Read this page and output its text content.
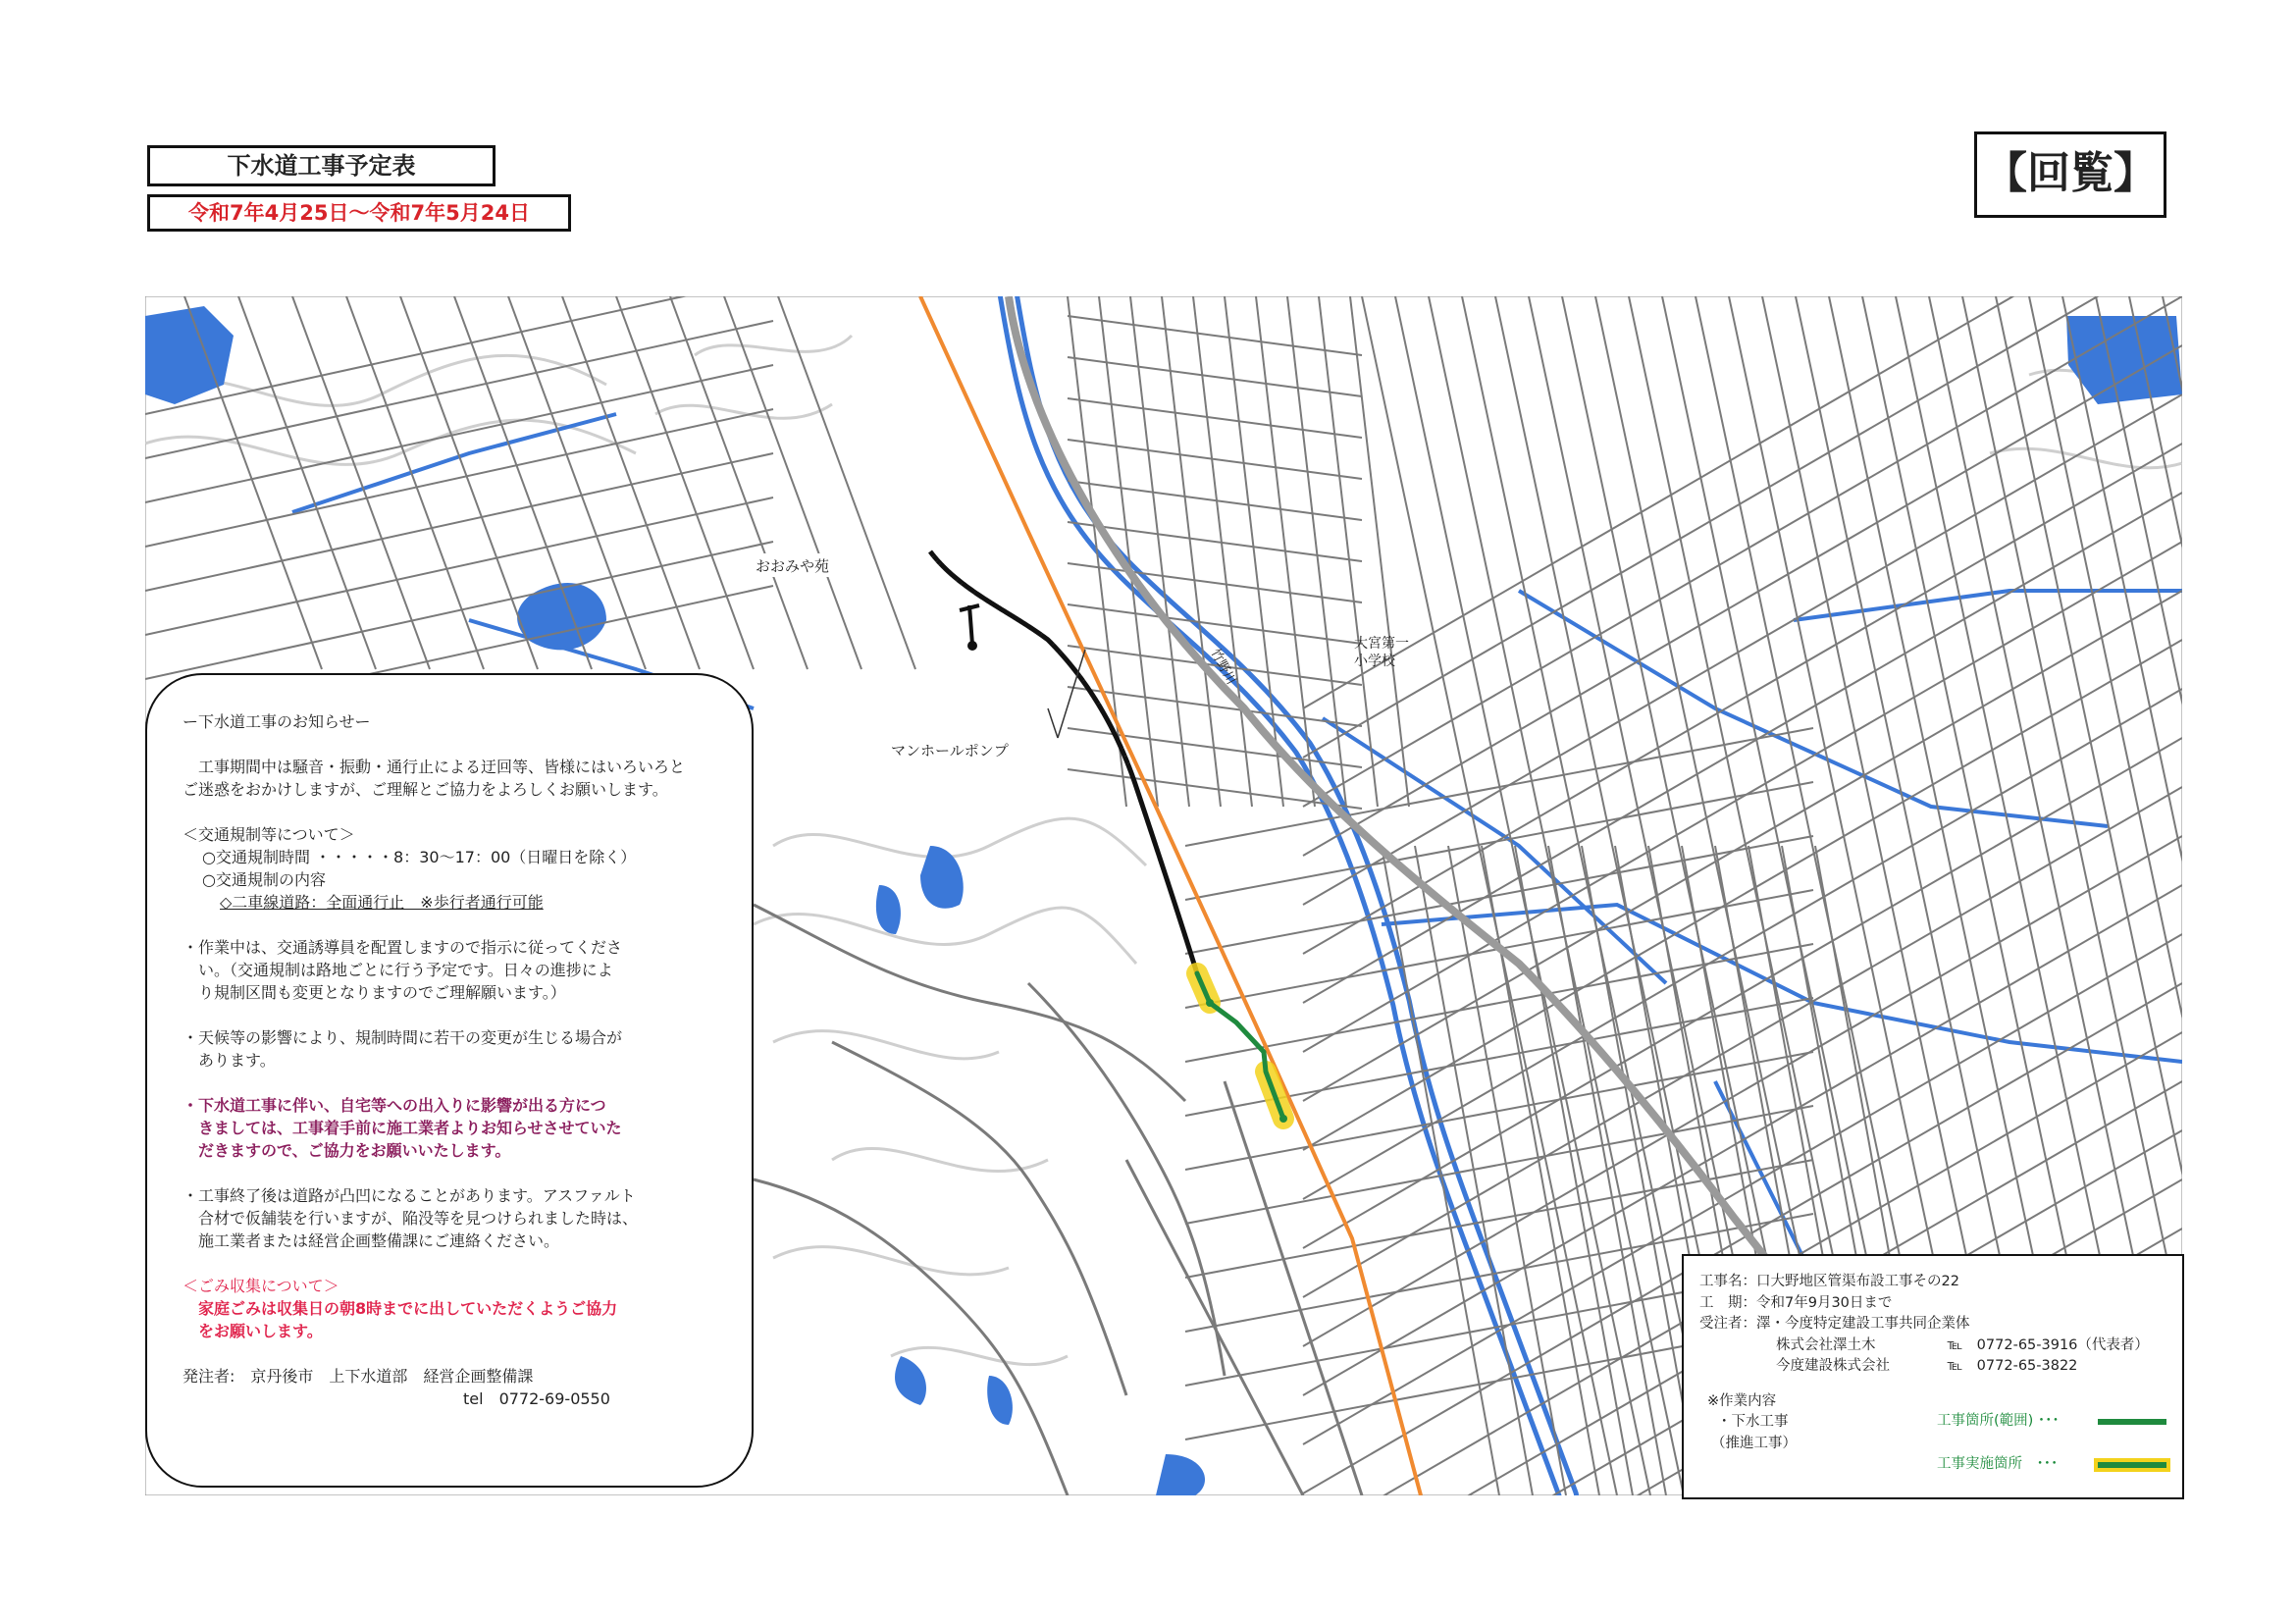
下水道工事予定表
令和7年4月25日～令和7年5月24日
【回覧】
おおみや苑
マンホールポンプ
竹野川
大宮第一小学校

ー下水道工事のお知らせー

　工事期間中は騒音・振動・通行止による迂回等、皆様にはいろいろと
ご迷惑をおかけしますが、ご理解とご協力をよろしくお願いします。

＜交通規制等について＞

○交通規制時間 ・・・・・8：30～17：00（日曜日を除く）

○交通規制の内容

◇二車線道路：全面通行止　※歩行者通行可能

・作業中は、交通誘導員を配置しますので指示に従ってくださ
　い。（交通規制は路地ごとに行う予定です。日々の進捗によ
　り規制区間も変更となりますのでご理解願います。）

・天候等の影響により、規制時間に若干の変更が生じる場合が
　あります。

・下水道工事に伴い、自宅等への出入りに影響が出る方につ
　きましては、工事着手前に施工業者よりお知らせさせていた
　だきますので、ご協力をお願いいたします。

・工事終了後は道路が凸凹になることがあります。アスファルト
　合材で仮舗装を行いますが、陥没等を見つけられました時は、
　施工業者または経営企画整備課にご連絡ください。

＜ごみ収集について＞

　家庭ごみは収集日の朝8時までに出していただくようご協力
　をお願いします。

発注者:　京丹後市　上下水道部　経営企画整備課

tel　0772-69-0550

工事名：口大野地区管渠布設工事その22
工　期：令和7年9月30日まで
受注者：澤・今度特定建設工事共同企業体
株式会社澤土木	℡　0772-65-3916（代表者）
今度建設株式会社	℡　0772-65-3822
※作業内容
・下水工事
（推進工事）
工事箇所(範囲) ･･･
工事実施箇所　･･･
